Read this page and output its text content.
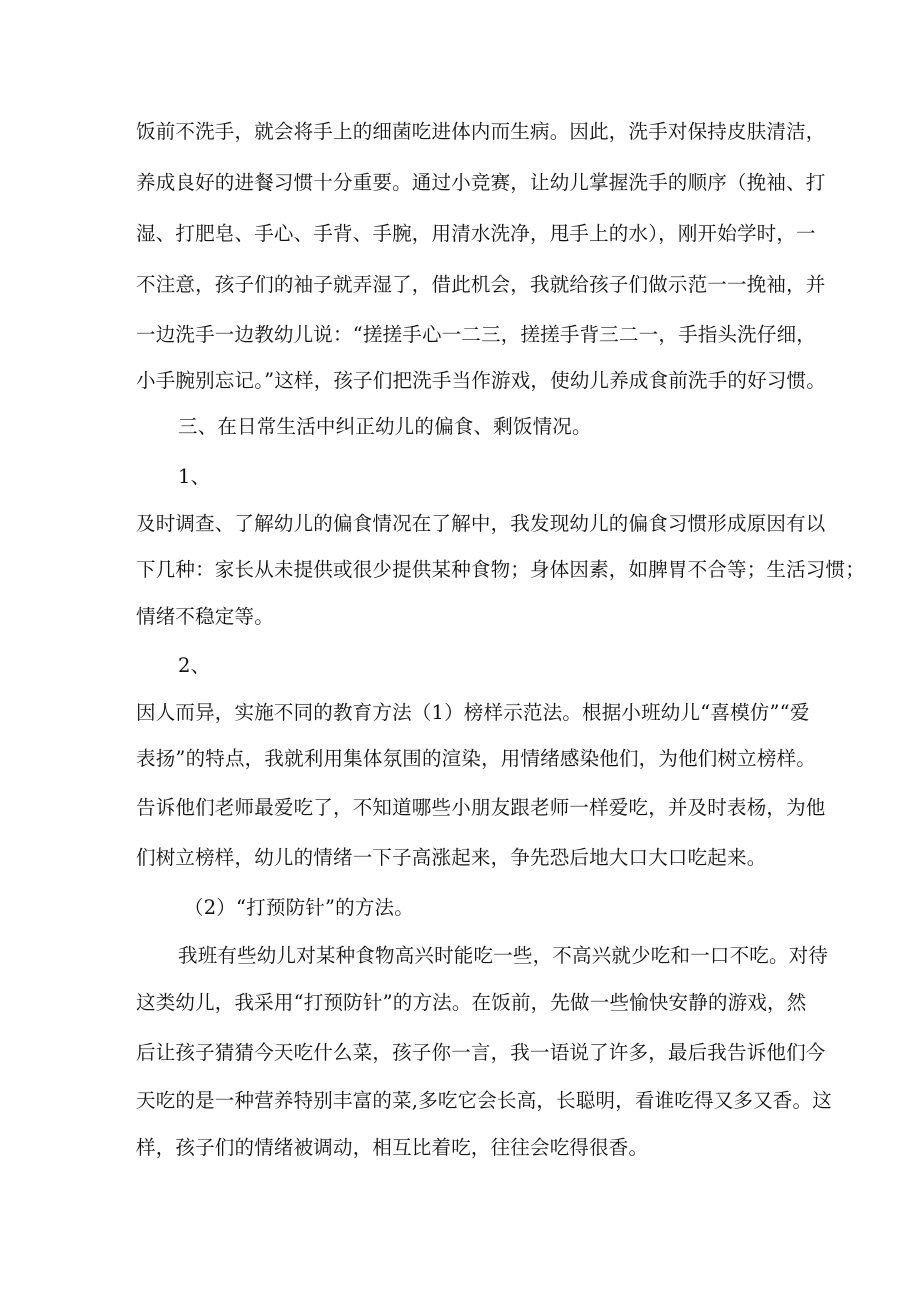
饭前不洗手，就会将手上的细菌吃进体内而生病。因此，洗手对保持皮肤清洁，
养成良好的进餐习惯十分重要。通过小竞赛，让幼儿掌握洗手的顺序（挽袖、打
湿、打肥皂、手心、手背、手腕，用清水洗净，甩手上的水），刚开始学时，一
不注意，孩子们的袖子就弄湿了，借此机会，我就给孩子们做示范一一挽袖，并
一边洗手一边教幼儿说：“搓搓手心一二三，搓搓手背三二一，手指头洗仔细，
小手腕别忘记。”这样，孩子们把洗手当作游戏，使幼儿养成食前洗手的好习惯。
三、在日常生活中纠正幼儿的偏食、剩饭情况。
1、
及时调查、了解幼儿的偏食情况在了解中，我发现幼儿的偏食习惯形成原因有以
下几种：家长从未提供或很少提供某种食物；身体因素，如脾胃不合等；生活习惯；
情绪不稳定等。
2、
因人而异，实施不同的教育方法（1）榜样示范法。根据小班幼儿“喜模仿”“爱
表扬”的特点，我就利用集体氛围的渲染，用情绪感染他们，为他们树立榜样。
告诉他们老师最爱吃了，不知道哪些小朋友跟老师一样爱吃，并及时表杨，为他
们树立榜样，幼儿的情绪一下子高涨起来，争先恐后地大口大口吃起来。
（2）“打预防针”的方法。
我班有些幼儿对某种食物高兴时能吃一些，不高兴就少吃和一口不吃。对待
这类幼儿，我采用“打预防针”的方法。在饭前，先做一些愉快安静的游戏，然
后让孩子猜猜今天吃什么菜，孩子你一言，我一语说了许多，最后我告诉他们今
天吃的是一种营养特别丰富的菜,多吃它会长高，长聪明，看谁吃得又多又香。这
样，孩子们的情绪被调动，相互比着吃，往往会吃得很香。
